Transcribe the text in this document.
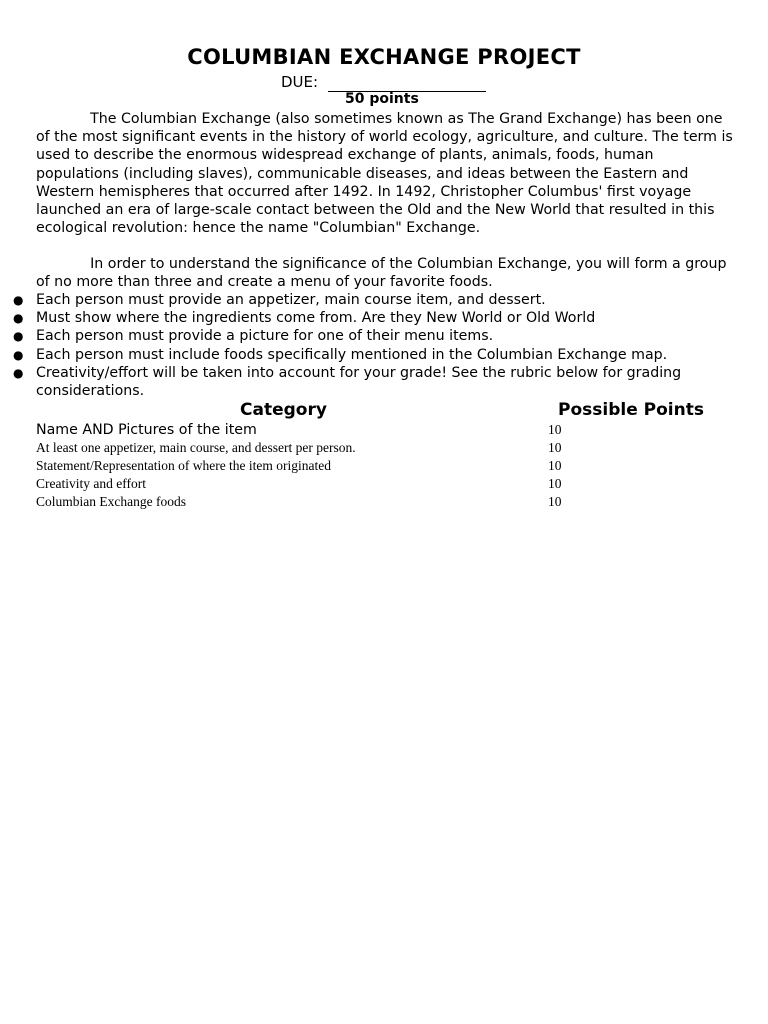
COLUMBIAN EXCHANGE PROJECT
DUE:
50 points
The Columbian Exchange (also sometimes known as The Grand Exchange) has been one of the most significant events in the history of world ecology, agriculture, and culture. The term is used to describe the enormous widespread exchange of plants, animals, foods, human populations (including slaves), communicable diseases, and ideas between the Eastern and Western hemispheres that occurred after 1492. In 1492, Christopher Columbus' first voyage launched an era of large-scale contact between the Old and the New World that resulted in this ecological revolution: hence the name "Columbian" Exchange.
In order to understand the significance of the Columbian Exchange, you will form a group of no more than three and create a menu of your favorite foods.
● Each person must provide an appetizer, main course item, and dessert.
● Must show where the ingredients come from. Are they New World or Old World
● Each person must provide a picture for one of their menu items.
● Each person must include foods specifically mentioned in the Columbian Exchange map.
● Creativity/effort will be taken into account for your grade! See the rubric below for grading considerations.
Category	Possible Points
Name AND Pictures of the item	10
At least one appetizer, main course, and dessert per person.	10
Statement/Representation of where the item originated	10
Creativity and effort	10
Columbian Exchange foods	10
